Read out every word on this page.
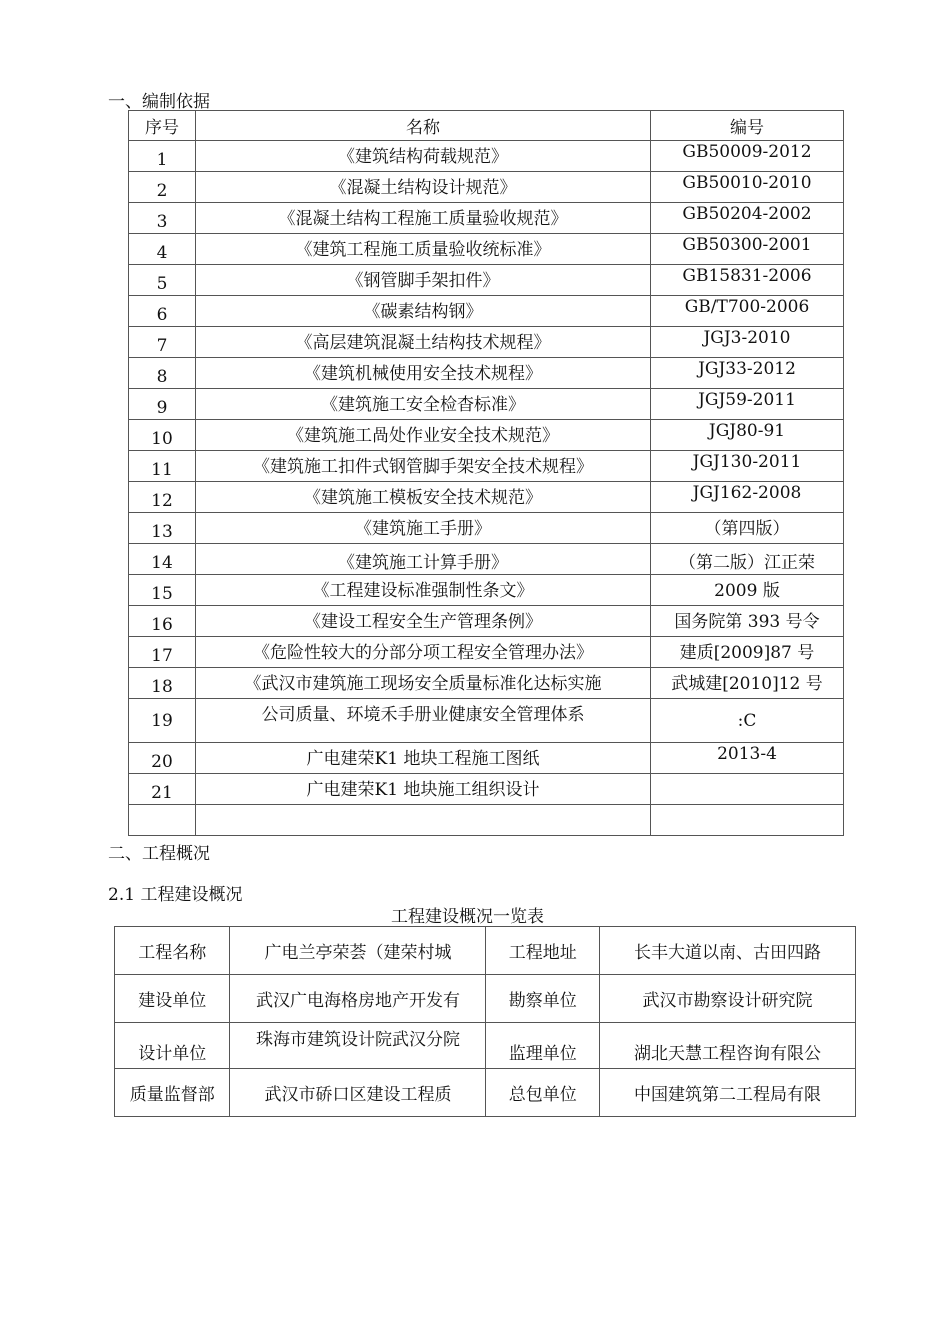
一、编制依据
序号	名称	编号
1	《建筑结构荷载规范》	GB50009-2012
2	《混凝土结构设计规范》	GB50010-2010
3	《混凝土结构工程施工质量验收规范》	GB50204-2002
4	《建筑工程施工质量验收统标准》	GB50300-2001
5	《钢管脚手架扣件》	GB15831-2006
6	《碳素结构钢》	GB/T700-2006
7	《高层建筑混凝土结构技术规程》	JGJ3-2010
8	《建筑机械使用安全技术规程》	JGJ33-2012
9	《建筑施工安全检杳标准》	JGJ59-2011
10	《建筑施工咼处作业安全技术规范》	JGJ80-91
11	《建筑施工扣件式钢管脚手架安全技术规程》	JGJ130-2011
12	《建筑施工模板安全技术规范》	JGJ162-2008
13	《建筑施工手册》	（第四版）
14	《建筑施工计算手册》	（第二版）江正荣
15	《工程建设标准强制性条文》	2009 版
16	《建设工程安全生产管理条例》	国务院第 393 号令
17	《危险性较大的分部分项工程安全管理办法》	建质[2009]87 号
18	《武汉市建筑施工现场安全质量标准化达标实施	武城建[2010]12 号
19	公司质量、环境禾手册业健康安全管理体系	:C
20	广电建荣K1 地块工程施工图纸	2013-4
21	广电建荣K1 地块施工组织设计	

二、工程概况
2.1 工程建设概况
工程建设概况一览表
工程名称	广电兰亭荣荟（建荣村城	工程地址	长丰大道以南、古田四路
建设单位	武汉广电海格房地产开发有	勘察单位	武汉市勘察设计研究院
设计单位	珠海市建筑设计院武汉分院	监理单位	湖北天慧工程咨询有限公
质量监督部	武汉市硚口区建设工程质	总包单位	中国建筑第二工程局有限
